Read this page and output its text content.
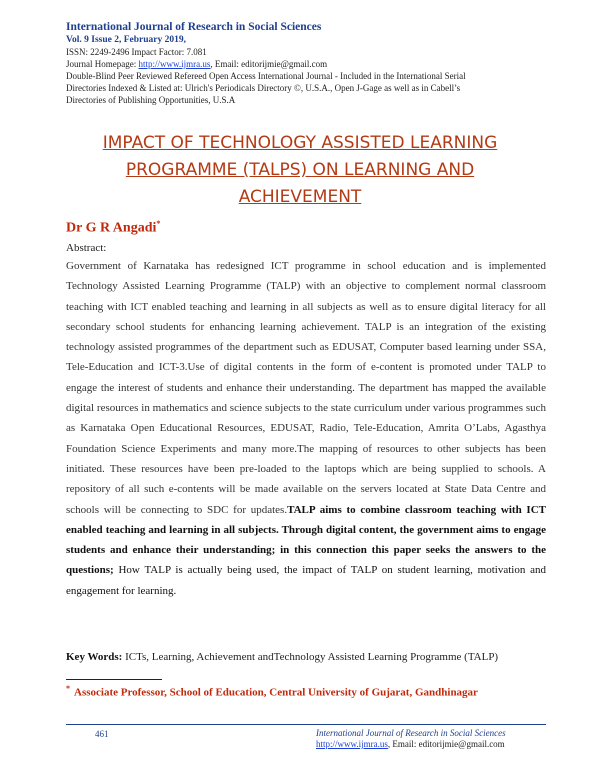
International Journal of Research in Social Sciences
Vol. 9 Issue 2, February 2019,
ISSN: 2249-2496 Impact Factor: 7.081
Journal Homepage: http://www.ijmra.us, Email: editorijmie@gmail.com
Double-Blind Peer Reviewed Refereed Open Access International Journal - Included in the International Serial
Directories Indexed & Listed at: Ulrich's Periodicals Directory ©, U.S.A., Open J-Gage as well as in Cabell’s
Directories of Publishing Opportunities, U.S.A
IMPACT OF TECHNOLOGY ASSISTED LEARNING PROGRAMME (TALPS) ON LEARNING AND ACHIEVEMENT
Dr G R Angadi*
Abstract:

Government of Karnataka has redesigned ICT programme in school education and is implemented Technology Assisted Learning Programme (TALP) with an objective to complement normal classroom teaching with ICT enabled teaching and learning in all subjects as well as to ensure digital literacy for all secondary school students for enhancing learning achievement. TALP is an integration of the existing technology assisted programmes of the department such as EDUSAT, Computer based learning under SSA, Tele-Education and ICT-3.Use of digital contents in the form of e-content is promoted under TALP to engage the interest of students and enhance their understanding. The department has mapped the available digital resources in mathematics and science subjects to the state curriculum under various programmes such as Karnataka Open Educational Resources, EDUSAT, Radio, Tele-Education, Amrita O’Labs, Agasthya Foundation Science Experiments and many more.The mapping of resources to other subjects has been initiated. These resources have been pre-loaded to the laptops which are being supplied to schools. A repository of all such e-contents will be made available on the servers located at State Data Centre and schools will be connecting to SDC for updates.TALP aims to combine classroom teaching with ICT enabled teaching and learning in all subjects. Through digital content, the government aims to engage students and enhance their understanding; in this connection this paper seeks the answers to the questions; How TALP is actually being used, the impact of TALP on student learning, motivation and engagement for learning.

Key Words: ICTs, Learning, Achievement andTechnology Assisted Learning Programme (TALP)
* Associate Professor, School of Education, Central University of Gujarat, Gandhinagar
461	International Journal of Research in Social Sciences
http://www.ijmra.us, Email: editorijmie@gmail.com
